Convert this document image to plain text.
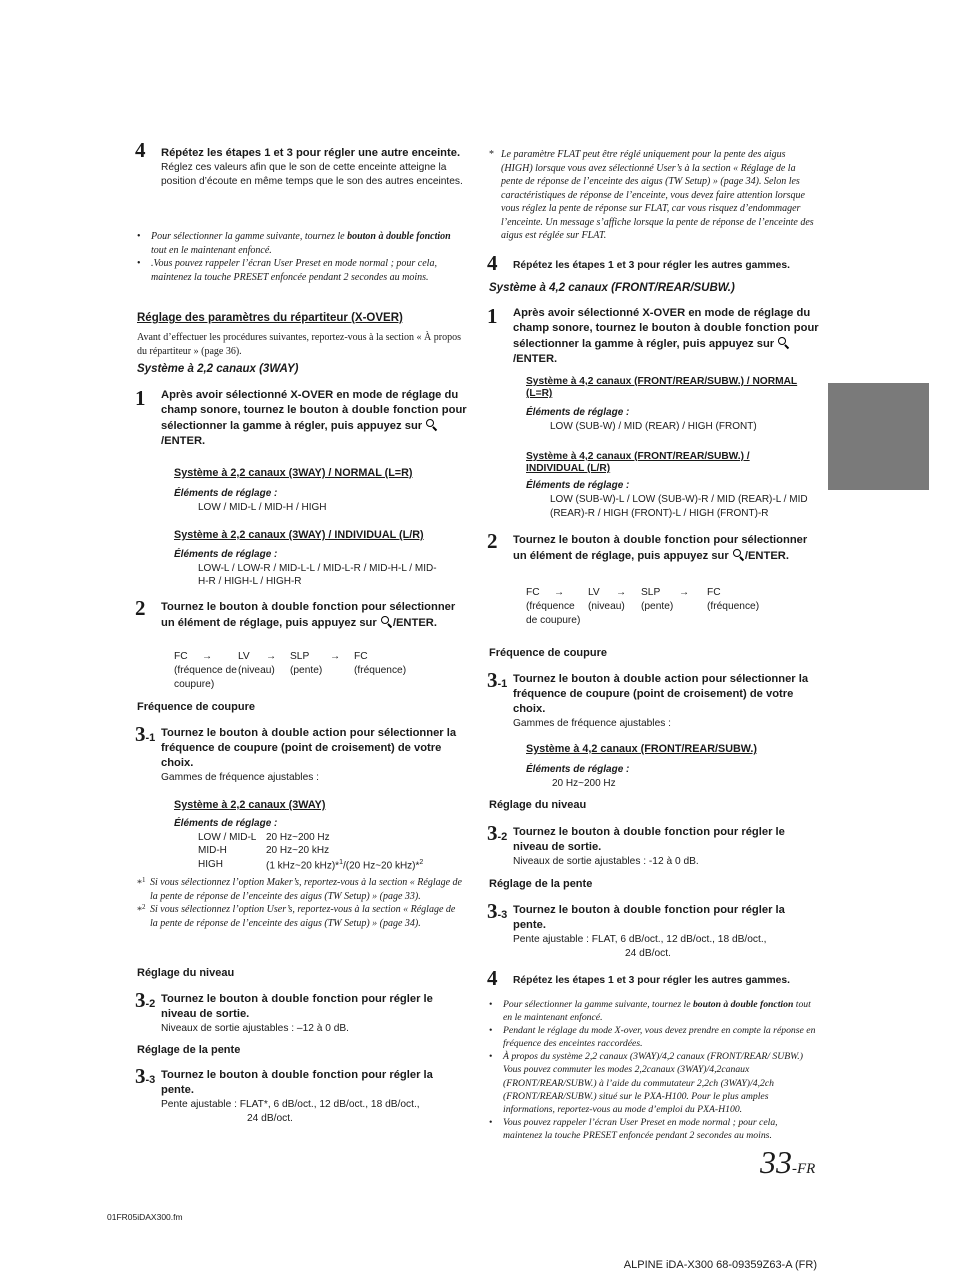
4 Répétez les étapes 1 et 3 pour régler une autre enceinte.
Réglez ces valeurs afin que le son de cette enceinte atteigne la position d’écoute en même temps que le son des autres enceintes.
• Pour sélectionner la gamme suivante, tournez le bouton à double fonction tout en le maintenant enfoncé.
• .Vous pouvez rappeler l’écran User Preset en mode normal ; pour cela, maintenez la touche PRESET enfoncée pendant 2 secondes au moins.
Réglage des paramètres du répartiteur (X-OVER)
Avant d’effectuer les procédures suivantes, reportez-vous à la section « À propos du répartiteur » (page 36).
Système à 2,2 canaux (3WAY)
1 Après avoir sélectionné X-OVER en mode de réglage du champ sonore, tournez le bouton à double fonction pour sélectionner la gamme à régler, puis appuyez sur /ENTER.
Système à 2,2 canaux (3WAY) / NORMAL (L=R)
Éléments de réglage :
LOW / MID-L / MID-H / HIGH
Système à 2,2 canaux (3WAY) / INDIVIDUAL (L/R)
Éléments de réglage :
LOW-L / LOW-R / MID-L-L / MID-L-R / MID-H-L / MID-H-R / HIGH-L / HIGH-R
2 Tournez le bouton à double fonction pour sélectionner un élément de réglage, puis appuyez sur /ENTER.
FC	→	LV	→	SLP	→	FC
(fréquence de coupure)		(niveau)		(pente)		(fréquence)
Fréquence de coupure
3-1 Tournez le bouton à double action pour sélectionner la fréquence de coupure (point de croisement) de votre choix.
Gammes de fréquence ajustables :
Système à 2,2 canaux (3WAY)
Éléments de réglage :
LOW / MID-L	20 Hz~200 Hz
MID-H	20 Hz~20 kHz
HIGH	(1 kHz~20 kHz)*$^1$/(20 Hz~20 kHz)*$^2$
*$^1$ Si vous sélectionnez l’option Maker’s, reportez-vous à la section « Réglage de la pente de réponse de l’enceinte des aigus (TW Setup) » (page 33).
*$^2$ Si vous sélectionnez l’option User’s, reportez-vous à la section « Réglage de la pente de réponse de l’enceinte des aigus (TW Setup) » (page 34).
Réglage du niveau
3-2 Tournez le bouton à double fonction pour régler le niveau de sortie.
Niveaux de sortie ajustables : –12 à 0 dB.
Réglage de la pente
3-3 Tournez le bouton à double fonction pour régler la pente.
Pente ajustable : FLAT*, 6 dB/oct., 12 dB/oct., 18 dB/oct.,
24 dB/oct.
* Le paramètre FLAT peut être réglé uniquement pour la pente des aigus (HIGH) lorsque vous avez sélectionné User’s à la section « Réglage de la pente de réponse de l’enceinte des aigus (TW Setup) » (page 34). Selon les caractéristiques de réponse de l’enceinte, vous devez faire attention lorsque vous réglez la pente de réponse sur FLAT, car vous risquez d’endommager l’enceinte. Un message s’affiche lorsque la pente de réponse de l’enceinte des aigus est réglée sur FLAT.
4 Répétez les étapes 1 et 3 pour régler les autres gammes.
Système à 4,2 canaux (FRONT/REAR/SUBW.)
1 Après avoir sélectionné X-OVER en mode de réglage du champ sonore, tournez le bouton à double fonction pour sélectionner la gamme à régler, puis appuyez sur /ENTER.
Système à 4,2 canaux (FRONT/REAR/SUBW.) / NORMAL (L=R)
Éléments de réglage :
LOW (SUB-W) / MID (REAR) / HIGH (FRONT)
Système à 4,2 canaux (FRONT/REAR/SUBW.) / INDIVIDUAL (L/R)
Éléments de réglage :
LOW (SUB-W)-L / LOW (SUB-W)-R / MID (REAR)-L / MID (REAR)-R / HIGH (FRONT)-L / HIGH (FRONT)-R
2 Tournez le bouton à double fonction pour sélectionner un élément de réglage, puis appuyez sur /ENTER.
FC	→	LV	→	SLP	→	FC
(fréquence de coupure)		(niveau)		(pente)		(fréquence)
Fréquence de coupure
3-1 Tournez le bouton à double action pour sélectionner la fréquence de coupure (point de croisement) de votre choix.
Gammes de fréquence ajustables :
Système à 4,2 canaux (FRONT/REAR/SUBW.)
Éléments de réglage :
20 Hz~200 Hz
Réglage du niveau
3-2 Tournez le bouton à double fonction pour régler le niveau de sortie.
Niveaux de sortie ajustables : -12 à 0 dB.
Réglage de la pente
3-3 Tournez le bouton à double fonction pour régler la pente.
Pente ajustable : FLAT, 6 dB/oct., 12 dB/oct., 18 dB/oct.,
24 dB/oct.
4 Répétez les étapes 1 et 3 pour régler les autres gammes.
• Pour sélectionner la gamme suivante, tournez le bouton à double fonction tout en le maintenant enfoncé.
• Pendant le réglage du mode X-over, vous devez prendre en compte la réponse en fréquence des enceintes raccordées.
• À propos du système 2,2 canaux (3WAY)/4,2 canaux (FRONT/REAR/ SUBW.) Vous pouvez commuter les modes 2,2canaux (3WAY)/4,2canaux (FRONT/REAR/SUBW.) à l’aide du commutateur 2,2ch (3WAY)/4,2ch (FRONT/REAR/SUBW.) situé sur le PXA-H100. Pour le plus amples informations, reportez-vous au mode d’emploi du PXA-H100.
• Vous pouvez rappeler l’écran User Preset en mode normal ; pour cela, maintenez la touche PRESET enfoncée pendant 2 secondes au moins.
33-FR
01FR05iDAX300.fm
ALPINE iDA-X300 68-09359Z63-A (FR)
